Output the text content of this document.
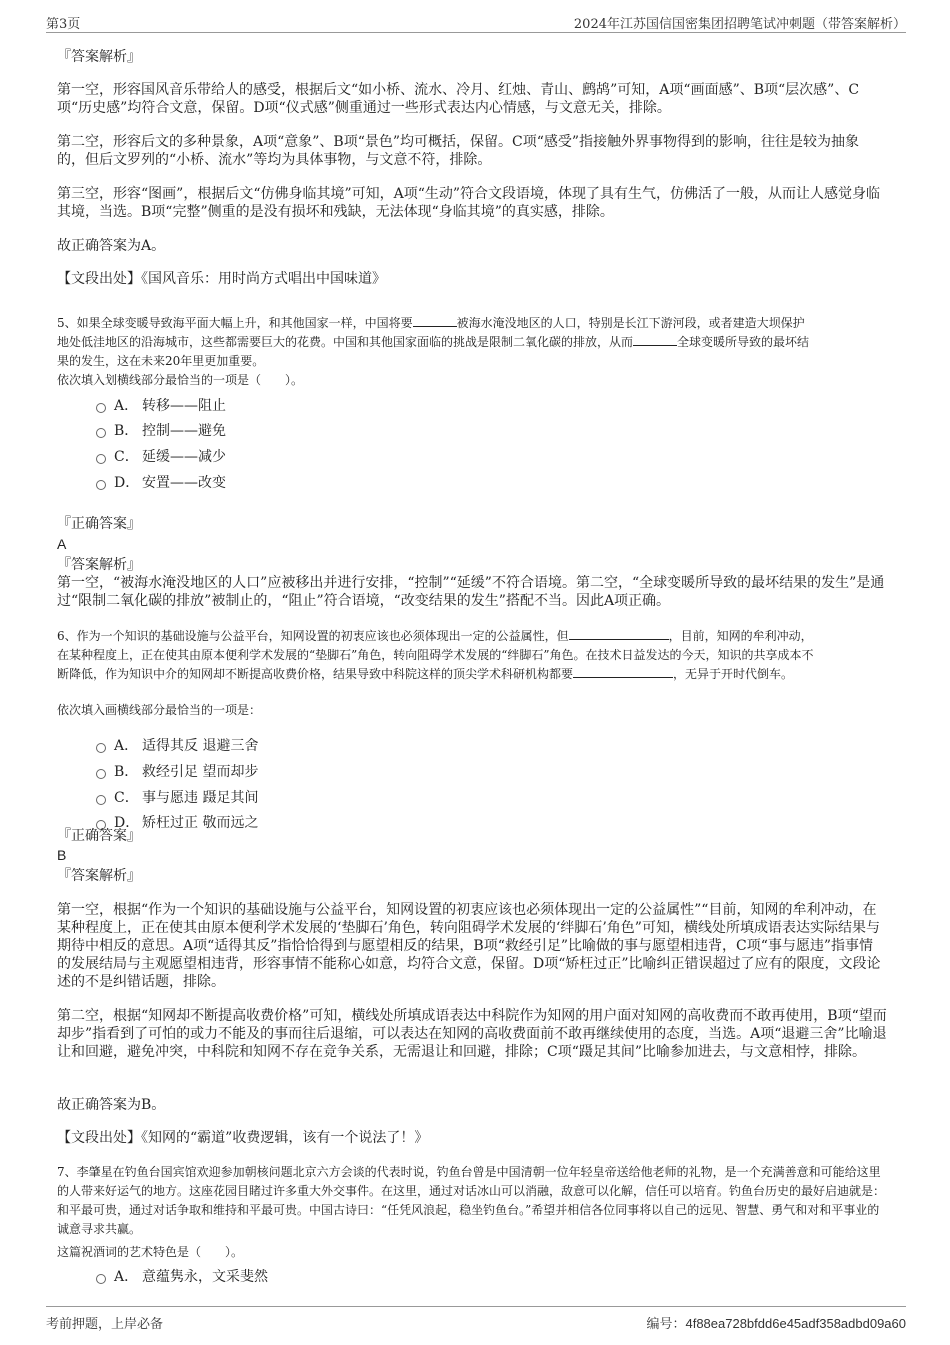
第3页	2024年江苏国信国密集团招聘笔试冲刺题（带答案解析）
『答案解析』
第一空，形容国风音乐带给人的感受，根据后文“如小桥、流水、冷月、红烛、青山、鹧鸪”可知，A项“画面感”、B项“层次感”、C项“历史感”均符合文意，保留。D项“仪式感”侧重通过一些形式表达内心情感，与文意无关，排除。
第二空，形容后文的多种景象，A项“意象”、B项“景色”均可概括，保留。C项“感受”指接触外界事物得到的影响，往往是较为抽象的，但后文罗列的“小桥、流水”等均为具体事物，与文意不符，排除。
第三空，形容“图画”，根据后文“仿佛身临其境”可知，A项“生动”符合文段语境，体现了具有生气，仿佛活了一般，从而让人感觉身临其境，当选。B项“完整”侧重的是没有损坏和残缺，无法体现“身临其境”的真实感，排除。
故正确答案为A。
【文段出处】《国风音乐：用时尚方式唱出中国味道》
5、如果全球变暖导致海平面大幅上升，和其他国家一样，中国将要	被海水淹没地区的人口，特别是长江下游河段，或者建造大坝保护
地处低洼地区的沿海城市，这些都需要巨大的花费。中国和其他国家面临的挑战是限制二氧化碳的排放，从而	全球变暖所导致的最坏结
果的发生，这在未来20年里更加重要。
依次填入划横线部分最恰当的一项是（　　）。
A． 转移——阻止
B． 控制——避免
C． 延缓——减少
D． 安置——改变
『正确答案』
A
『答案解析』
第一空，“被海水淹没地区的人口”应被移出并进行安排，“控制”“延缓”不符合语境。第二空，“全球变暖所导致的最坏结果的发生”是通过“限制二氧化碳的排放”被制止的，“阻止”符合语境，“改变结果的发生”搭配不当。因此A项正确。
6、作为一个知识的基础设施与公益平台，知网设置的初衷应该也必须体现出一定的公益属性，但	，目前，知网的牟利冲动，
在某种程度上，正在使其由原本便利学术发展的“垫脚石”角色，转向阻碍学术发展的“绊脚石”角色。在技术日益发达的今天，知识的共享成本不
断降低，作为知识中介的知网却不断提高收费价格，结果导致中科院这样的顶尖学术科研机构都要	，无异于开时代倒车。
依次填入画横线部分最恰当的一项是：
A． 适得其反 退避三舍
B． 救经引足 望而却步
C． 事与愿违 蹑足其间
D． 矫枉过正 敬而远之
『正确答案』
B
『答案解析』
第一空，根据“作为一个知识的基础设施与公益平台，知网设置的初衷应该也必须体现出一定的公益属性”“目前，知网的牟利冲动，在某种程度上，正在使其由原本便利学术发展的‘垫脚石’角色，转向阻碍学术发展的‘绊脚石’角色”可知，横线处所填成语表达实际结果与期待中相反的意思。A项“适得其反”指恰恰得到与愿望相反的结果，B项“救经引足”比喻做的事与愿望相违背，C项“事与愿违”指事情的发展结局与主观愿望相违背，形容事情不能称心如意，均符合文意，保留。D项“矫枉过正”比喻纠正错误超过了应有的限度，文段论述的不是纠错话题，排除。
第二空，根据“知网却不断提高收费价格”可知，横线处所填成语表达中科院作为知网的用户面对知网的高收费而不敢再使用，B项“望而却步”指看到了可怕的或力不能及的事而往后退缩，可以表达在知网的高收费面前不敢再继续使用的态度，当选。A项“退避三舍”比喻退让和回避，避免冲突，中科院和知网不存在竞争关系，无需退让和回避，排除；C项“蹑足其间”比喻参加进去，与文意相悖，排除。
故正确答案为B。
【文段出处】《知网的“霸道”收费逻辑，该有一个说法了！》
7、李肇星在钓鱼台国宾馆欢迎参加朝核问题北京六方会谈的代表时说，钓鱼台曾是中国清朝一位年轻皇帝送给他老师的礼物，是一个充满善意和可能给这里的人带来好运气的地方。这座花园目睹过许多重大外交事件。在这里，通过对话冰山可以消融，敌意可以化解，信任可以培育。钓鱼台历史的最好启迪就是：和平最可贵，通过对话争取和维持和平最可贵。中国古诗曰：“任凭风浪起，稳坐钓鱼台。”希望并相信各位同事将以自己的远见、智慧、勇气和对和平事业的诚意寻求共赢。
这篇祝酒词的艺术特色是（　　）。
A． 意蕴隽永，文采斐然
考前押题，上岸必备	编号：4f88ea728bfdd6e45adf358adbd09a60
